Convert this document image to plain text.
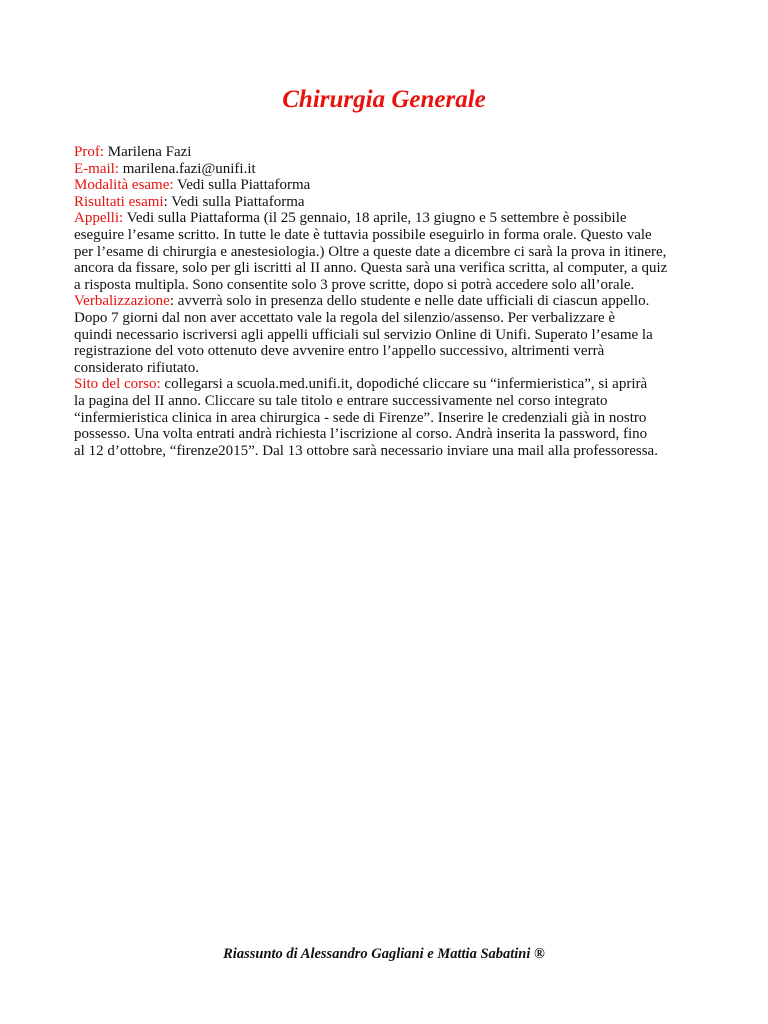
Chirurgia Generale
Prof: Marilena Fazi
E-mail: marilena.fazi@unifi.it
Modalità esame: Vedi sulla Piattaforma
Risultati esami: Vedi sulla Piattaforma
Appelli: Vedi sulla Piattaforma (il 25 gennaio, 18 aprile, 13 giugno e 5 settembre è possibile
eseguire l’esame scritto. In tutte le date è tuttavia possibile eseguirlo in forma orale. Questo vale
per l’esame di chirurgia e anestesiologia.) Oltre a queste date a dicembre ci sarà la prova in itinere,
ancora da fissare, solo per gli iscritti al II anno. Questa sarà una verifica scritta, al computer, a quiz
a risposta multipla. Sono consentite solo 3 prove scritte, dopo si potrà accedere solo all’orale.
Verbalizzazione: avverrà solo in presenza dello studente e nelle date ufficiali di ciascun appello.
Dopo 7 giorni dal non aver accettato vale la regola del silenzio/assenso. Per verbalizzare è
quindi necessario iscriversi agli appelli ufficiali sul servizio Online di Unifi. Superato l’esame la
registrazione del voto ottenuto deve avvenire entro l’appello successivo, altrimenti verrà
considerato rifiutato.
Sito del corso: collegarsi a scuola.med.unifi.it, dopodiché cliccare su “infermieristica”, si aprirà
la pagina del II anno. Cliccare su tale titolo e entrare successivamente nel corso integrato
“infermieristica clinica in area chirurgica - sede di Firenze”. Inserire le credenziali già in nostro
possesso. Una volta entrati andrà richiesta l’iscrizione al corso. Andrà inserita la password, fino
al 12 d’ottobre, “firenze2015”. Dal 13 ottobre sarà necessario inviare una mail alla professoressa.
Riassunto di Alessandro Gagliani e Mattia Sabatini ®
